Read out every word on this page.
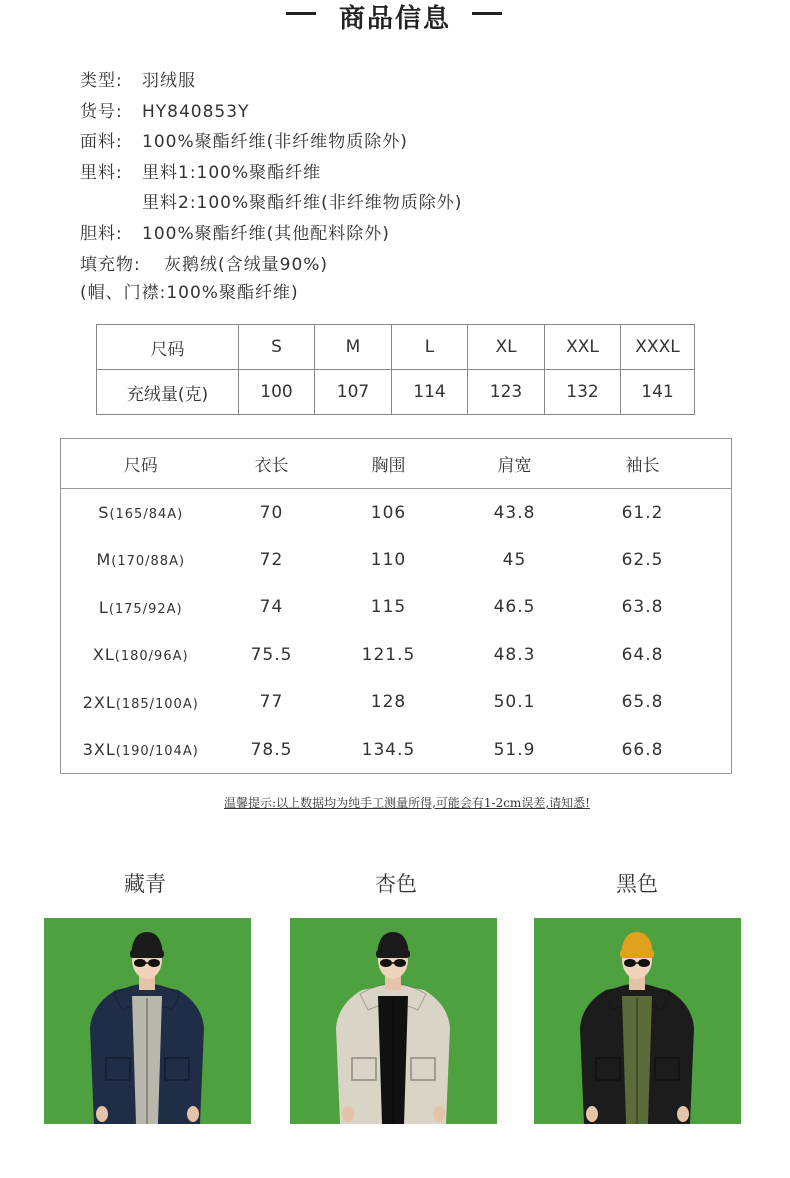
商品信息
类型: 羽绒服
货号: HY840853Y
面料: 100%聚酯纤维(非纤维物质除外)
里料: 里料1:100%聚酯纤维
里料2:100%聚酯纤维(非纤维物质除外)
胆料: 100%聚酯纤维(其他配料除外)
填充物: 灰鹅绒(含绒量90%)
(帽、门襟:100%聚酯纤维)
尺码	S	M	L	XL	XXL	XXXL
充绒量(克)	100	107	114	123	132	141
尺码	衣长	胸围	肩宽	袖长	
S(165/84A)	70	106	43.8	61.2	
M(170/88A)	72	110	45	62.5	
L(175/92A)	74	115	46.5	63.8	
XL(180/96A)	75.5	121.5	48.3	64.8	
2XL(185/100A)	77	128	50.1	65.8	
3XL(190/104A)	78.5	134.5	51.9	66.8	
温馨提示:以上数据均为纯手工测量所得,可能会有1-2cm误差,请知悉!
藏青	杏色	黑色
